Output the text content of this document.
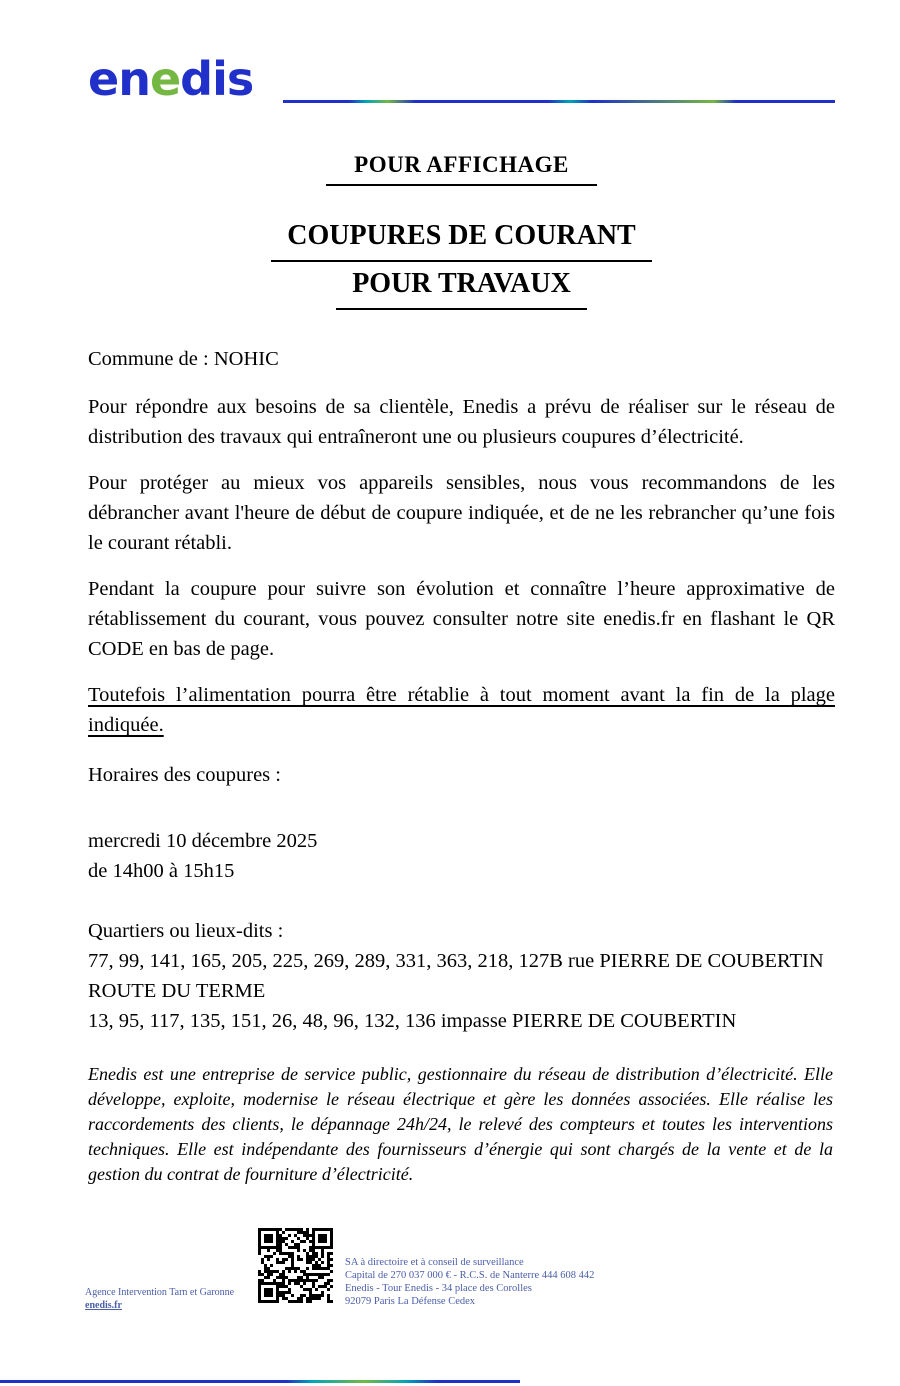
enedis
POUR AFFICHAGE
COUPURES DE COURANT
POUR TRAVAUX
Commune de : NOHIC
Pour répondre aux besoins de sa clientèle, Enedis a prévu de réaliser sur le réseau de distribution des travaux qui entraîneront une ou plusieurs coupures d’électricité.
Pour protéger au mieux vos appareils sensibles, nous vous recommandons de les débrancher avant l'heure de début de coupure indiquée, et de ne les rebrancher qu’une fois le courant rétabli.
Pendant la coupure pour suivre son évolution et connaître l’heure approximative de rétablissement du courant, vous pouvez consulter notre site enedis.fr en flashant le QR CODE en bas de page.
Toutefois l’alimentation pourra être rétablie à tout moment avant la fin de la plage indiquée.
Horaires des coupures :
mercredi 10 décembre 2025
de 14h00 à 15h15
Quartiers ou lieux-dits :
77, 99, 141, 165, 205, 225, 269, 289, 331, 363, 218, 127B rue PIERRE DE COUBERTIN
ROUTE DU TERME
13, 95, 117, 135, 151, 26, 48, 96, 132, 136 impasse PIERRE DE COUBERTIN
Enedis est une entreprise de service public, gestionnaire du réseau de distribution d’électricité. Elle développe, exploite, modernise le réseau électrique et gère les données associées. Elle réalise les raccordements des clients, le dépannage 24h/24, le relevé des compteurs et toutes les interventions techniques. Elle est indépendante des fournisseurs d’énergie qui sont chargés de la vente et de la gestion du contrat de fourniture d’électricité.
SA à directoire et à conseil de surveillance
Capital de 270 037 000 € - R.C.S. de Nanterre 444 608 442
Enedis - Tour Enedis - 34 place des Corolles
92079 Paris La Défense Cedex
Agence Intervention Tarn et Garonne
enedis.fr
